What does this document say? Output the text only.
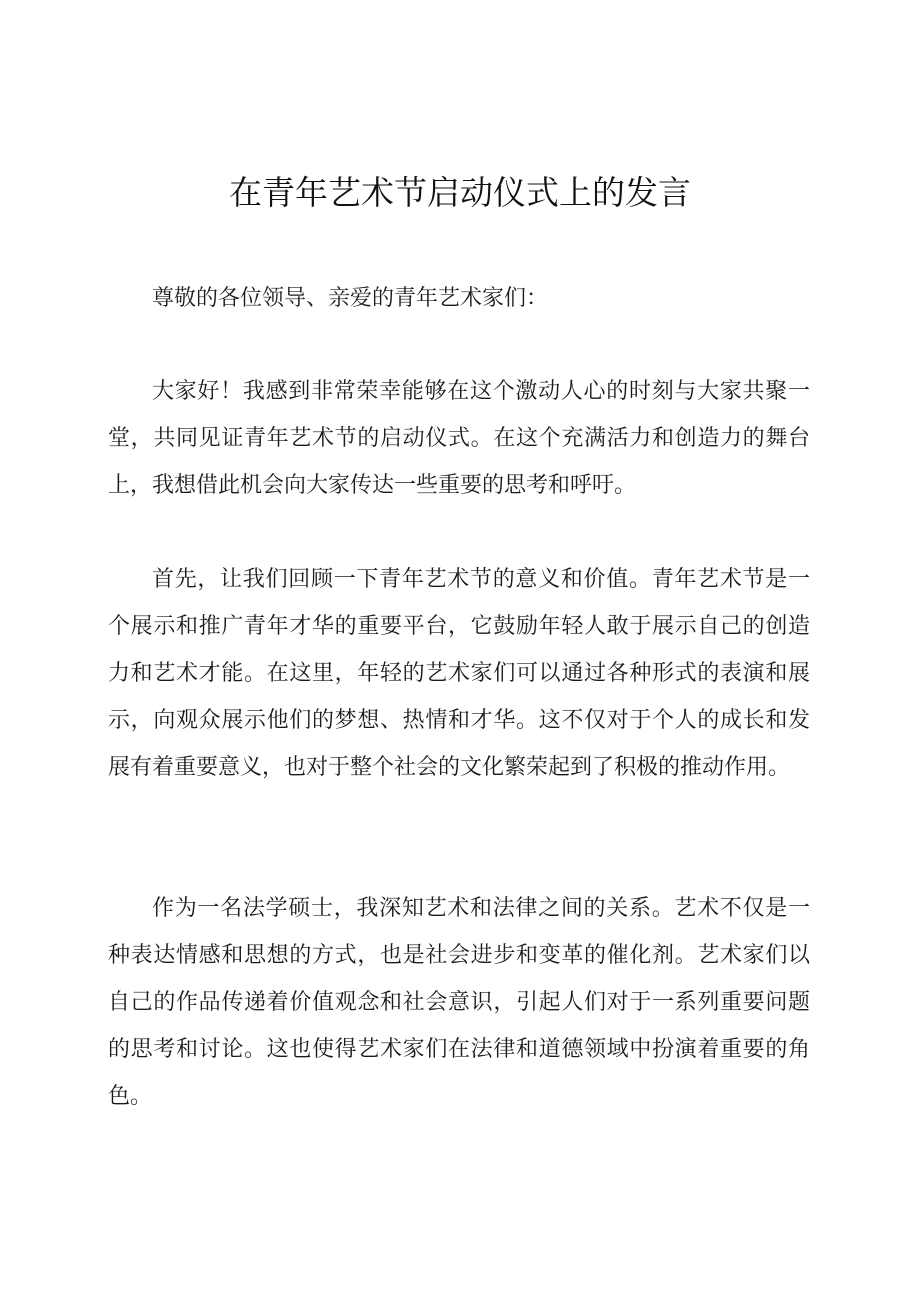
在青年艺术节启动仪式上的发言

尊敬的各位领导、亲爱的青年艺术家们：

大家好！我感到非常荣幸能够在这个激动人心的时刻与大家共聚一堂，共同见证青年艺术节的启动仪式。在这个充满活力和创造力的舞台上，我想借此机会向大家传达一些重要的思考和呼吁。

首先，让我们回顾一下青年艺术节的意义和价值。青年艺术节是一个展示和推广青年才华的重要平台，它鼓励年轻人敢于展示自己的创造力和艺术才能。在这里，年轻的艺术家们可以通过各种形式的表演和展示，向观众展示他们的梦想、热情和才华。这不仅对于个人的成长和发展有着重要意义，也对于整个社会的文化繁荣起到了积极的推动作用。

作为一名法学硕士，我深知艺术和法律之间的关系。艺术不仅是一种表达情感和思想的方式，也是社会进步和变革的催化剂。艺术家们以自己的作品传递着价值观念和社会意识，引起人们对于一系列重要问题的思考和讨论。这也使得艺术家们在法律和道德领域中扮演着重要的角色。
